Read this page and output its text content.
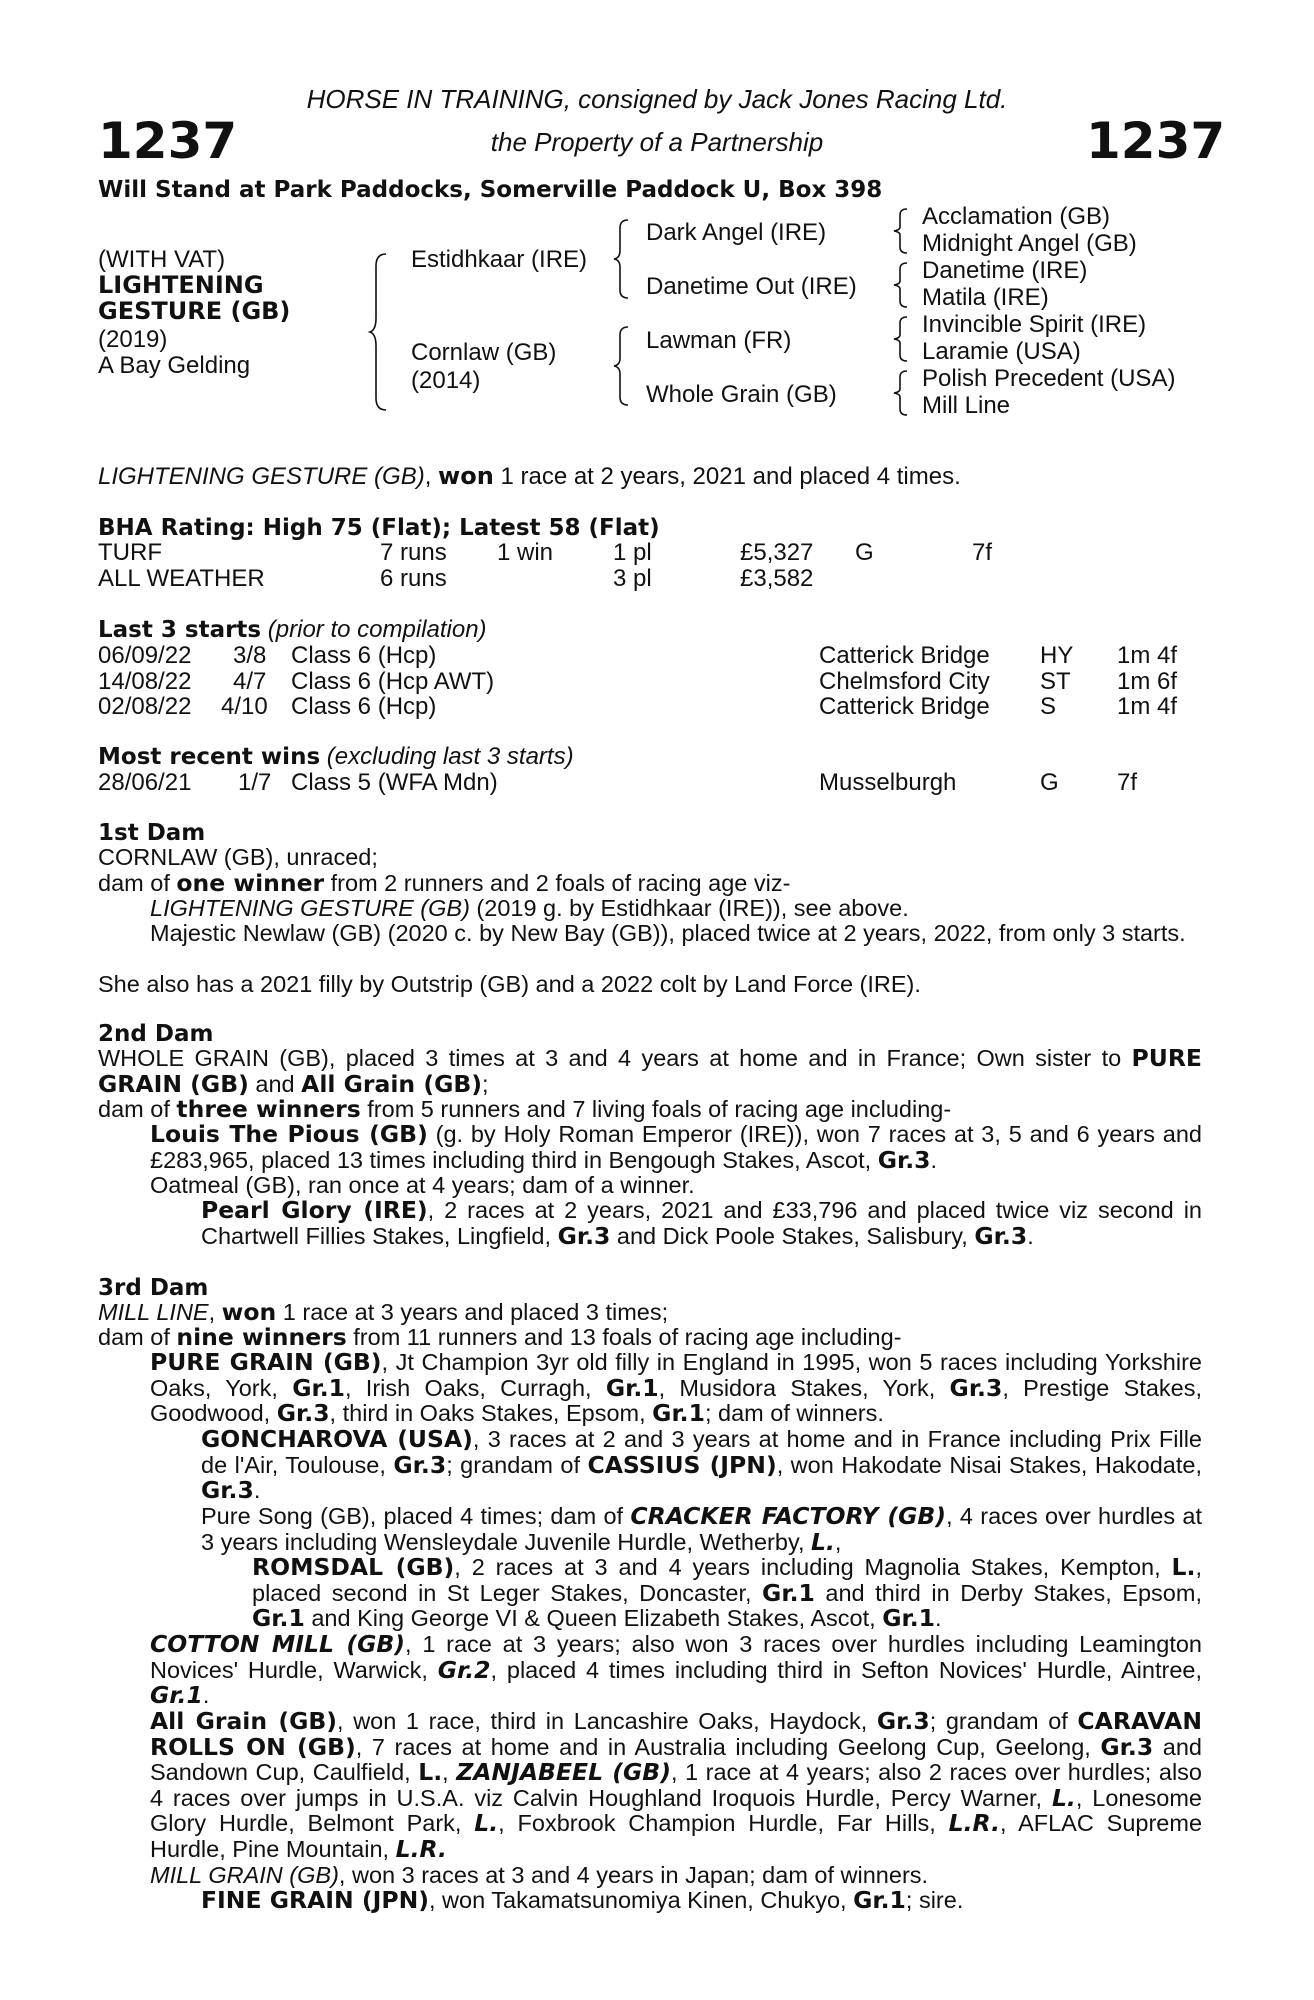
HORSE IN TRAINING, consigned by Jack Jones Racing Ltd.
1237	the Property of a Partnership	1237
Will Stand at Park Paddocks, Somerville Paddock U, Box 398
(WITH VAT)
LIGHTENING
GESTURE (GB)
(2019)
A Bay Gelding
Estidhkaar (IRE)
Cornlaw (GB)
(2014)
Dark Angel (IRE)
Danetime Out (IRE)
Lawman (FR)
Whole Grain (GB)
Acclamation (GB)
Midnight Angel (GB)
Danetime (IRE)
Matila (IRE)
Invincible Spirit (IRE)
Laramie (USA)
Polish Precedent (USA)
Mill Line
LIGHTENING GESTURE (GB), won 1 race at 2 years, 2021 and placed 4 times.
BHA Rating: High 75 (Flat); Latest 58 (Flat)
TURF	7 runs 1 win 1 pl	£5,327 G	7f
ALL WEATHER	6 runs	3 pl	£3,582
Last 3 starts (prior to compilation)
06/09/22 3/8 Class 6 (Hcp)	Catterick Bridge HY 1m 4f
14/08/22 4/7 Class 6 (Hcp AWT)	Chelmsford City ST 1m 6f
02/08/22 4/10 Class 6 (Hcp)	Catterick Bridge S	1m 4f
Most recent wins (excluding last 3 starts)
28/06/21 1/7 Class 5 (WFA Mdn)	Musselburgh	G 7f
1st Dam
CORNLAW (GB), unraced;
dam of one winner from 2 runners and 2 foals of racing age viz-
LIGHTENING GESTURE (GB) (2019 g. by Estidhkaar (IRE)), see above.
Majestic Newlaw (GB) (2020 c. by New Bay (GB)), placed twice at 2 years, 2022, from only 3 starts.
She also has a 2021 filly by Outstrip (GB) and a 2022 colt by Land Force (IRE).
2nd Dam
WHOLE GRAIN (GB), placed 3 times at 3 and 4 years at home and in France; Own sister to PURE GRAIN (GB) and All Grain (GB);
dam of three winners from 5 runners and 7 living foals of racing age including-
Louis The Pious (GB) (g. by Holy Roman Emperor (IRE)), won 7 races at 3, 5 and 6 years and £283,965, placed 13 times including third in Bengough Stakes, Ascot, Gr.3.
Oatmeal (GB), ran once at 4 years; dam of a winner.
Pearl Glory (IRE), 2 races at 2 years, 2021 and £33,796 and placed twice viz second in Chartwell Fillies Stakes, Lingfield, Gr.3 and Dick Poole Stakes, Salisbury, Gr.3.
3rd Dam
MILL LINE, won 1 race at 3 years and placed 3 times;
dam of nine winners from 11 runners and 13 foals of racing age including-
PURE GRAIN (GB), Jt Champion 3yr old filly in England in 1995, won 5 races including Yorkshire Oaks, York, Gr.1, Irish Oaks, Curragh, Gr.1, Musidora Stakes, York, Gr.3, Prestige Stakes, Goodwood, Gr.3, third in Oaks Stakes, Epsom, Gr.1; dam of winners.
GONCHAROVA (USA), 3 races at 2 and 3 years at home and in France including Prix Fille de l'Air, Toulouse, Gr.3; grandam of CASSIUS (JPN), won Hakodate Nisai Stakes, Hakodate, Gr.3.
Pure Song (GB), placed 4 times; dam of CRACKER FACTORY (GB), 4 races over hurdles at 3 years including Wensleydale Juvenile Hurdle, Wetherby, L.,
ROMSDAL (GB), 2 races at 3 and 4 years including Magnolia Stakes, Kempton, L., placed second in St Leger Stakes, Doncaster, Gr.1 and third in Derby Stakes, Epsom, Gr.1 and King George VI & Queen Elizabeth Stakes, Ascot, Gr.1.
COTTON MILL (GB), 1 race at 3 years; also won 3 races over hurdles including Leamington Novices' Hurdle, Warwick, Gr.2, placed 4 times including third in Sefton Novices' Hurdle, Aintree, Gr.1.
All Grain (GB), won 1 race, third in Lancashire Oaks, Haydock, Gr.3; grandam of CARAVAN ROLLS ON (GB), 7 races at home and in Australia including Geelong Cup, Geelong, Gr.3 and Sandown Cup, Caulfield, L., ZANJABEEL (GB), 1 race at 4 years; also 2 races over hurdles; also 4 races over jumps in U.S.A. viz Calvin Houghland Iroquois Hurdle, Percy Warner, L., Lonesome Glory Hurdle, Belmont Park, L., Foxbrook Champion Hurdle, Far Hills, L.R., AFLAC Supreme Hurdle, Pine Mountain, L.R.
MILL GRAIN (GB), won 3 races at 3 and 4 years in Japan; dam of winners.
FINE GRAIN (JPN), won Takamatsunomiya Kinen, Chukyo, Gr.1; sire.
